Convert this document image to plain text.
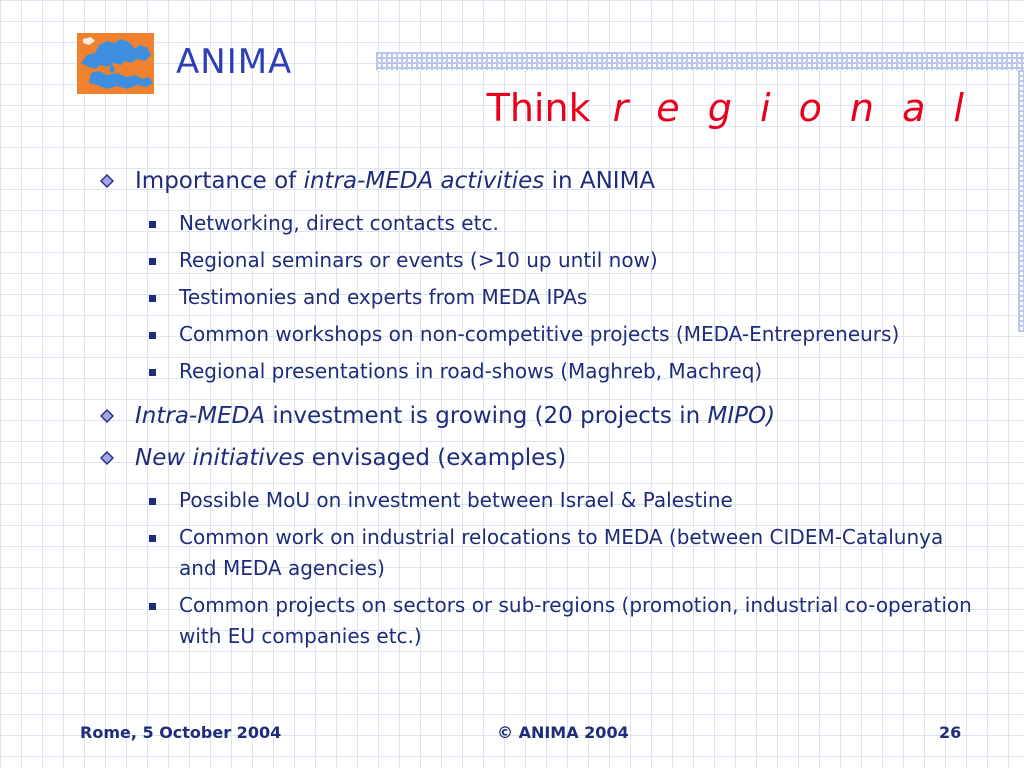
ANIMA
Think r e g i o n a l
Importance of intra-MEDA activities in ANIMA
Networking, direct contacts etc.
Regional seminars or events (>10 up until now)
Testimonies and experts from MEDA IPAs
Common workshops on non-competitive projects (MEDA-Entrepreneurs)
Regional presentations in road-shows (Maghreb, Machreq)
Intra-MEDA investment is growing (20 projects in MIPO)
New initiatives envisaged (examples)
Possible MoU on investment between Israel & Palestine
Common work on industrial relocations to MEDA (between CIDEM-Catalunya and MEDA agencies)
Common projects on sectors or sub-regions (promotion, industrial co-operation with EU companies etc.)
Rome, 5 October 2004	© ANIMA 2004	26
